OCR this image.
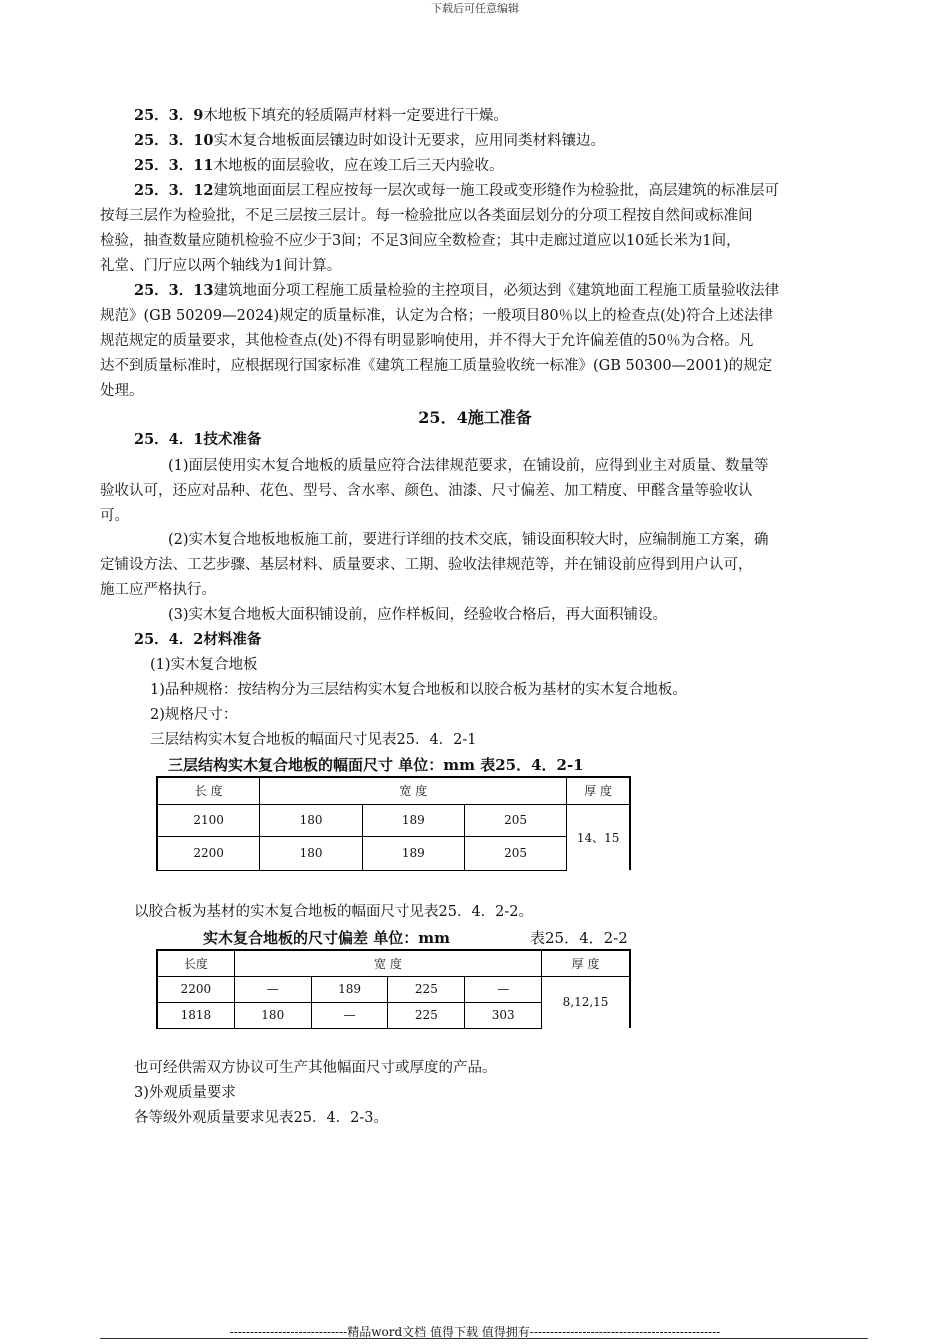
下载后可任意编辑
25．3．9木地板下填充的轻质隔声材料一定要进行干燥。
25．3．10实木复合地板面层镶边时如设计无要求，应用同类材料镶边。
25．3．11木地板的面层验收，应在竣工后三天内验收。
25．3．12建筑地面面层工程应按每一层次或每一施工段或变形缝作为检验批，高层建筑的标准层可
按每三层作为检验批，不足三层按三层计。每一检验批应以各类面层划分的分项工程按自然间或标准间
检验，抽查数量应随机检验不应少于3间；不足3间应全数检查；其中走廊过道应以10延长米为1间，
礼堂、门厅应以两个轴线为1间计算。
25．3．13建筑地面分项工程施工质量检验的主控项目，必须达到《建筑地面工程施工质量验收法律
规范》(GB 50209—2024)规定的质量标准，认定为合格；一般项目80％以上的检查点(处)符合上述法律
规范规定的质量要求，其他检查点(处)不得有明显影响使用，并不得大于允许偏差值的50％为合格。凡
达不到质量标准时，应根据现行国家标准《建筑工程施工质量验收统一标准》(GB 50300—2001)的规定
处理。
25．4施工准备
25．4．1技术准备
(1)面层使用实木复合地板的质量应符合法律规范要求，在铺设前，应得到业主对质量、数量等
验收认可，还应对品种、花色、型号、含水率、颜色、油漆、尺寸偏差、加工精度、甲醛含量等验收认
可。
(2)实木复合地板地板施工前，要进行详细的技术交底，铺设面积较大时，应编制施工方案，确
定铺设方法、工艺步骤、基层材料、质量要求、工期、验收法律规范等，并在铺设前应得到用户认可，
施工应严格执行。
(3)实木复合地板大面积铺设前，应作样板间，经验收合格后，再大面积铺设。
25．4．2材料准备
(1)实木复合地板
1)品种规格：按结构分为三层结构实木复合地板和以胶合板为基材的实木复合地板。
2)规格尺寸：
三层结构实木复合地板的幅面尺寸见表25．4．2-1
三层结构实木复合地板的幅面尺寸 单位：mm 表25．4．2-1
长 度	宽 度			厚 度
2100	180	189	205	14、15
2200	180	189	205	
以胶合板为基材的实木复合地板的幅面尺寸见表25．4．2-2。
实木复合地板的尺寸偏差 单位：mm	表25．4．2-2
长度	宽 度				厚 度
2200	—	189	225	—	8,12,15
1818	180	—	225	303	
也可经供需双方协议可生产其他幅面尺寸或厚度的产品。
3)外观质量要求
各等级外观质量要求见表25．4．2-3。
-----------------------------精品word文档 值得下载 值得拥有-----------------------------------------------
